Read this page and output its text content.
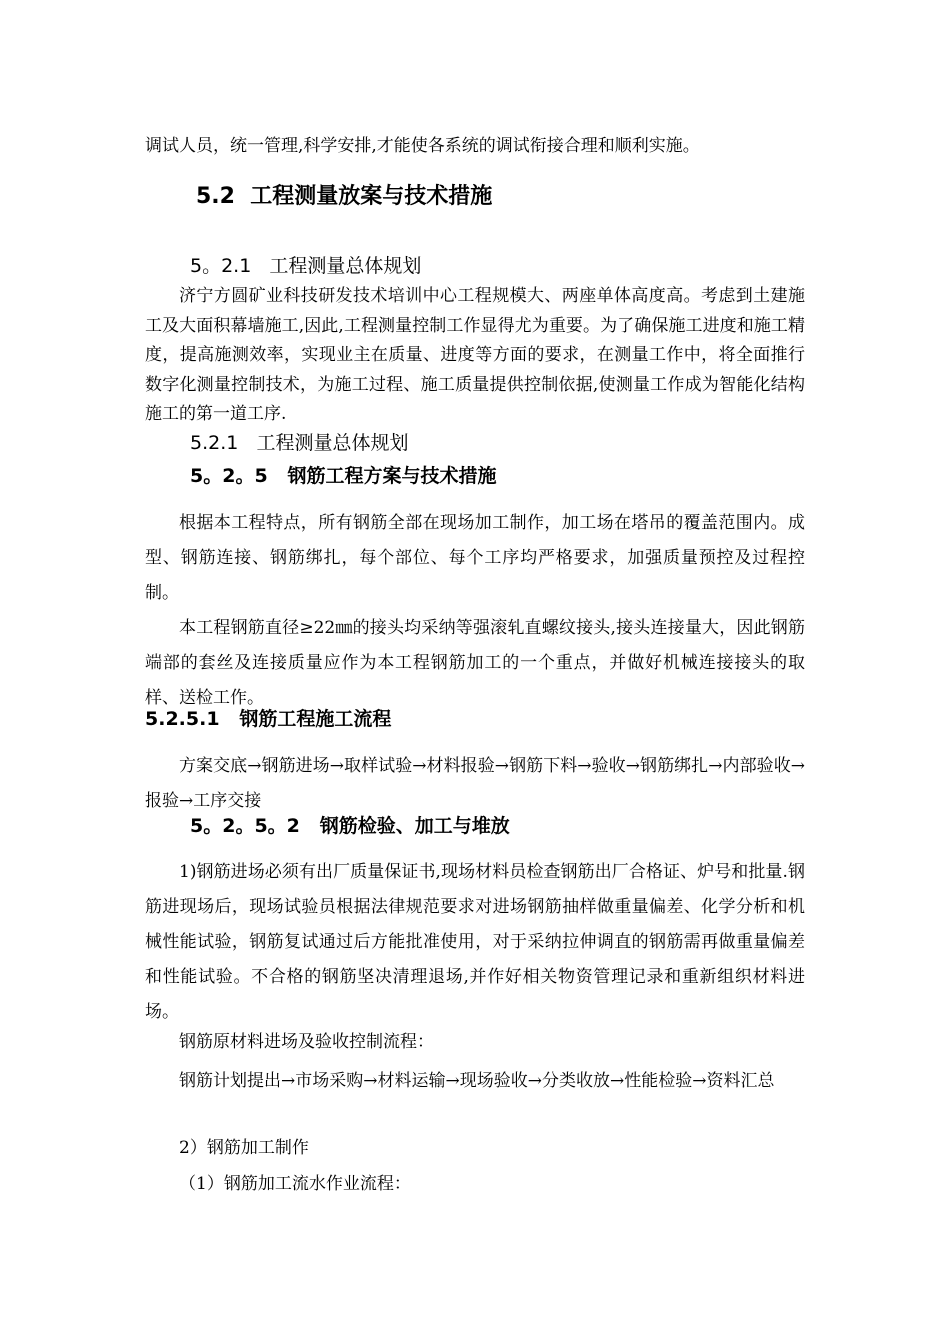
调试人员，统一管理,科学安排,才能使各系统的调试衔接合理和顺利实施。
5.2  工程测量放案与技术措施
5。2.1   工程测量总体规划
济宁方圆矿业科技研发技术培训中心工程规模大、两座单体高度高。考虑到土建施工及大面积幕墙施工,因此,工程测量控制工作显得尤为重要。为了确保施工进度和施工精度，提高施测效率，实现业主在质量、进度等方面的要求，在测量工作中，将全面推行数字化测量控制技术，为施工过程、施工质量提供控制依据,使测量工作成为智能化结构施工的第一道工序.
5.2.1   工程测量总体规划
5。2。5   钢筋工程方案与技术措施
根据本工程特点，所有钢筋全部在现场加工制作，加工场在塔吊的覆盖范围内。成型、钢筋连接、钢筋绑扎，每个部位、每个工序均严格要求，加强质量预控及过程控制。
本工程钢筋直径≥22㎜的接头均采纳等强滚轧直螺纹接头,接头连接量大，因此钢筋端部的套丝及连接质量应作为本工程钢筋加工的一个重点，并做好机械连接接头的取样、送检工作。
5.2.5.1   钢筋工程施工流程
方案交底→钢筋进场→取样试验→材料报验→钢筋下料→验收→钢筋绑扎→内部验收→报验→工序交接
5。2。5。2   钢筋检验、加工与堆放
1)钢筋进场必须有出厂质量保证书,现场材料员检查钢筋出厂合格证、炉号和批量.钢筋进现场后，现场试验员根据法律规范要求对进场钢筋抽样做重量偏差、化学分析和机械性能试验，钢筋复试通过后方能批准使用，对于采纳拉伸调直的钢筋需再做重量偏差和性能试验。不合格的钢筋坚决清理退场,并作好相关物资管理记录和重新组织材料进场。
钢筋原材料进场及验收控制流程：
钢筋计划提出→市场采购→材料运输→现场验收→分类收放→性能检验→资料汇总
2）钢筋加工制作
（1）钢筋加工流水作业流程：
